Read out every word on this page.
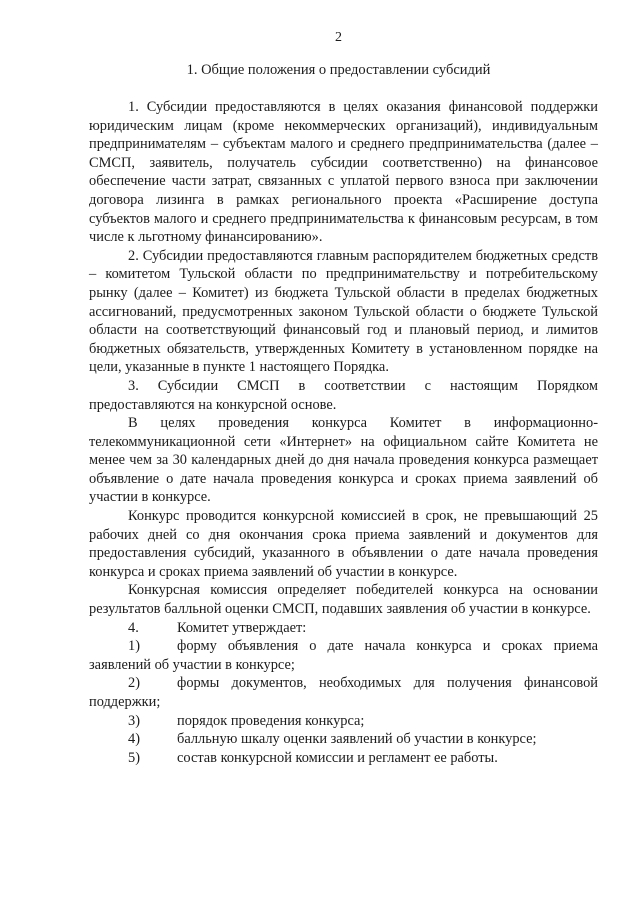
2
1. Общие положения о предоставлении субсидий

1. Субсидии предоставляются в целях оказания финансовой поддержки юридическим лицам (кроме некоммерческих организаций), индивидуальным предпринимателям – субъектам малого и среднего предпринимательства (далее – СМСП, заявитель, получатель субсидии соответственно) на финансовое обеспечение части затрат, связанных с уплатой первого взноса при заключении договора лизинга в рамках регионального проекта «Расширение доступа субъектов малого и среднего предпринимательства к финансовым ресурсам, в том числе к льготному финансированию».

2. Субсидии предоставляются главным распорядителем бюджетных средств – комитетом Тульской области по предпринимательству и потребительскому рынку (далее – Комитет) из бюджета Тульской области в пределах бюджетных ассигнований, предусмотренных законом Тульской области о бюджете Тульской области на соответствующий финансовый год и плановый период, и лимитов бюджетных обязательств, утвержденных Комитету в установленном порядке на цели, указанные в пункте 1 настоящего Порядка.

3. Субсидии СМСП в соответствии с настоящим Порядком предоставляются на конкурсной основе.

В целях проведения конкурса Комитет в информационно-телекоммуникационной сети «Интернет» на официальном сайте Комитета не менее чем за 30 календарных дней до дня начала проведения конкурса размещает объявление о дате начала проведения конкурса и сроках приема заявлений об участии в конкурсе.

Конкурс проводится конкурсной комиссией в срок, не превышающий 25 рабочих дней со дня окончания срока приема заявлений и документов для предоставления субсидий, указанного в объявлении о дате начала проведения конкурса и сроках приема заявлений об участии в конкурсе.

Конкурсная комиссия определяет победителей конкурса на основании результатов балльной оценки СМСП, подавших заявления об участии в конкурсе.

4.	Комитет утверждает:

1)	форму объявления о дате начала конкурса и сроках приема заявлений об участии в конкурсе;

2)	формы документов, необходимых для получения финансовой поддержки;

3)	порядок проведения конкурса;

4)	балльную шкалу оценки заявлений об участии в конкурсе;

5)	состав конкурсной комиссии и регламент ее работы.
